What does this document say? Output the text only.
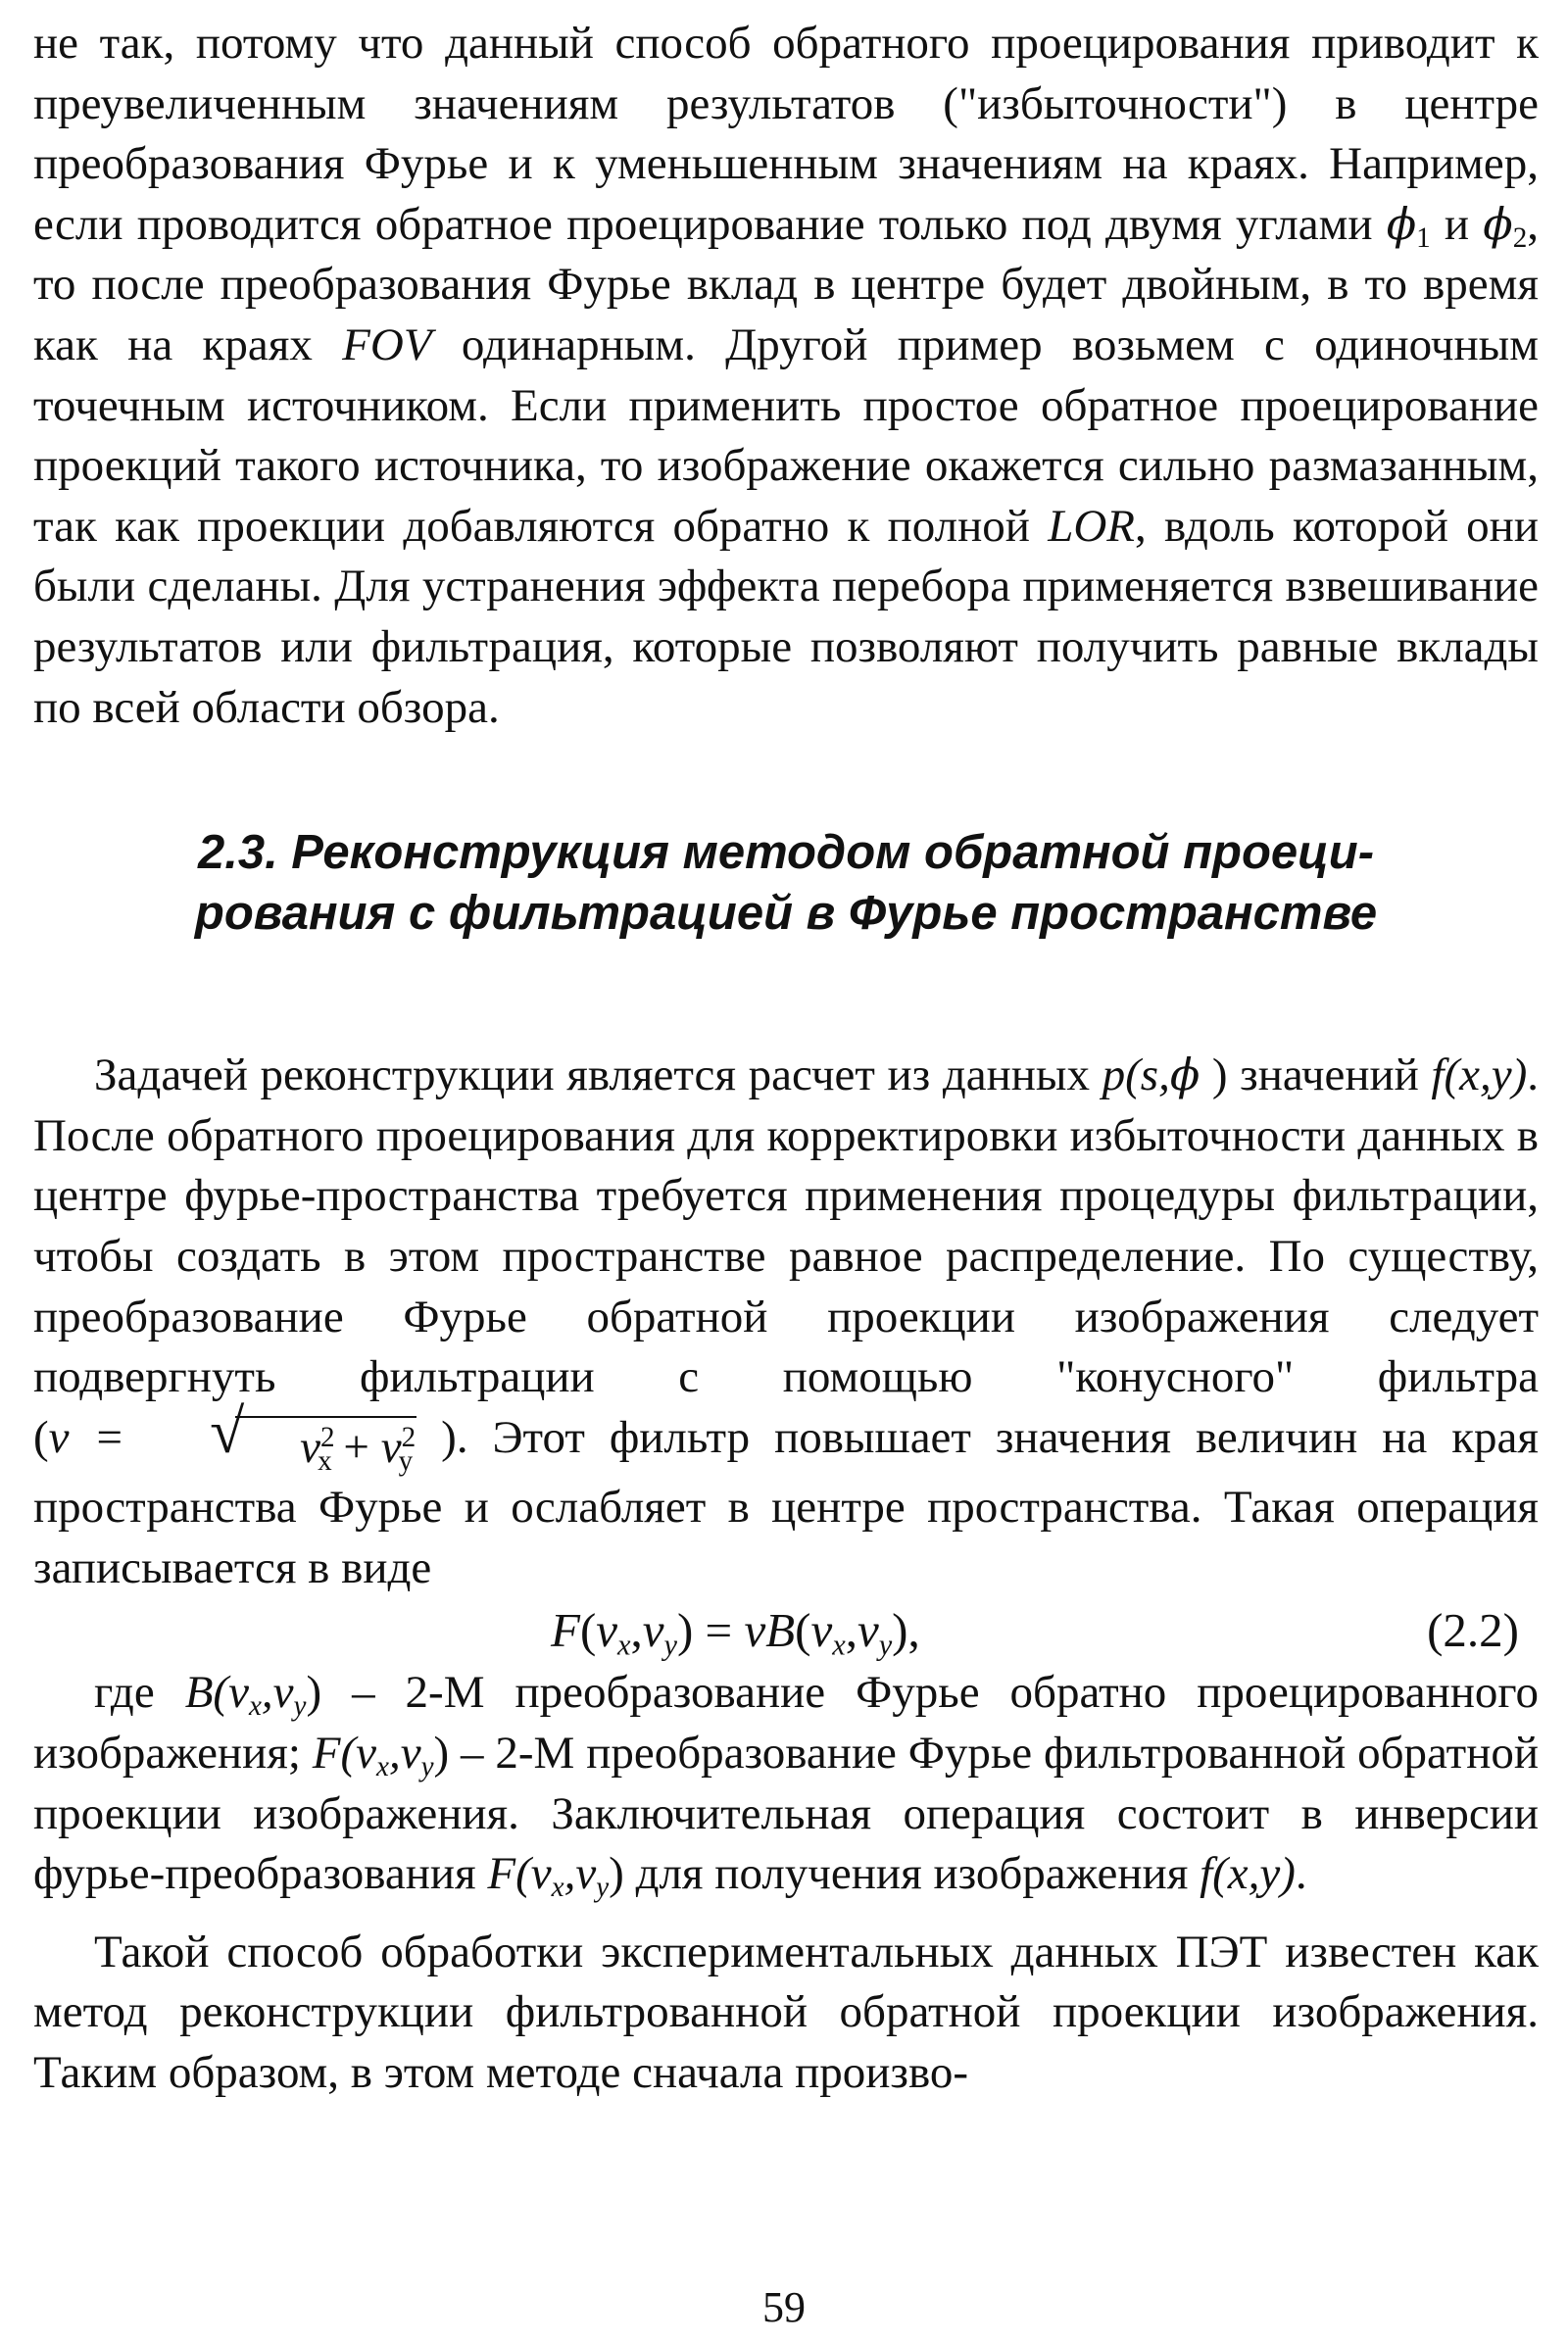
не так, потому что данный способ обратного проецирования приводит к преувеличенным значениям результатов ("избыточности") в центре преобразования Фурье и к уменьшенным значениям на краях. Например, если проводится обратное проецирование только под двумя углами $\phi_1$ и $\phi_2$, то после преобразования Фурье вклад в центре будет двойным, в то время как на краях FOV одинарным. Другой пример возьмем с одиночным точечным источником. Если применить простое обратное проецирование проекций такого источника, то изображение окажется сильно размазанным, так как проекции добавляются обратно к полной LOR, вдоль которой они были сделаны. Для устранения эффекта перебора применяется взвешивание результатов или фильтрация, которые позволяют получить равные вклады по всей области обзора.

2.3. Реконструкция методом обратной проеци-
рования с фильтрацией в Фурье пространстве

Задачей реконструкции является расчет из данных p(s,ϕ ) значений f(x,y). После обратного проецирования для корректировки избыточности данных в центре фурье-пространства требуется применения процедуры фильтрации, чтобы создать в этом пространстве равное распределение. По существу, преобразование Фурье обратной проекции изображения следует подвергнуть фильтрации с помощью "конусного" фильтра (ν =	√ $\nu^2_x + \nu^2_y$ ). Этот фильтр повышает значения величин на края пространства Фурье и ослабляет в центре пространства. Такая операция записывается в виде

$F(\nu_x,\nu_y) = \nu B(\nu_x,\nu_y)$,	(2.2)

где $B(\nu_x,\nu_y) - 2-М$ преобразование Фурье обратно проецированного изображения; $F(\nu_x,\nu_y) - 2-М$ преобразование Фурье фильтрованной обратной проекции изображения. Заключительная операция состоит в инверсии фурье-преобразования $F(\nu_x,\nu_y)$ для получения изображения f(x,y).

Такой способ обработки экспериментальных данных ПЭТ известен как метод реконструкции фильтрованной обратной проекции изображения. Таким образом, в этом методе сначала произво-

59
